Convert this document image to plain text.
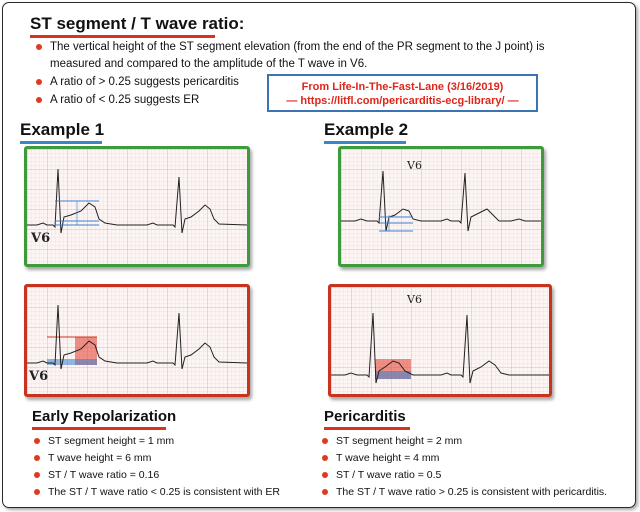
ST segment / T wave ratio:
The vertical height of the ST segment elevation (from the end of the PR segment to the J point) is
measured and compared to the amplitude of the T wave in V6.
A ratio of > 0.25 suggests pericarditis
A ratio of < 0.25 suggests ER
From Life-In-The-Fast-Lane (3/16/2019)
— https://litfl.com/pericarditis-ecg-library/ —
Example 1	Example 2
V6
V6
V6
V6
Early Repolarization
ST segment height = 1 mm
T wave height = 6 mm
ST / T wave ratio = 0.16
The ST / T wave ratio < 0.25 is consistent with ER
Pericarditis
ST segment height = 2 mm
T wave height = 4 mm
ST / T wave ratio = 0.5
The ST / T wave ratio > 0.25 is consistent with pericarditis.
